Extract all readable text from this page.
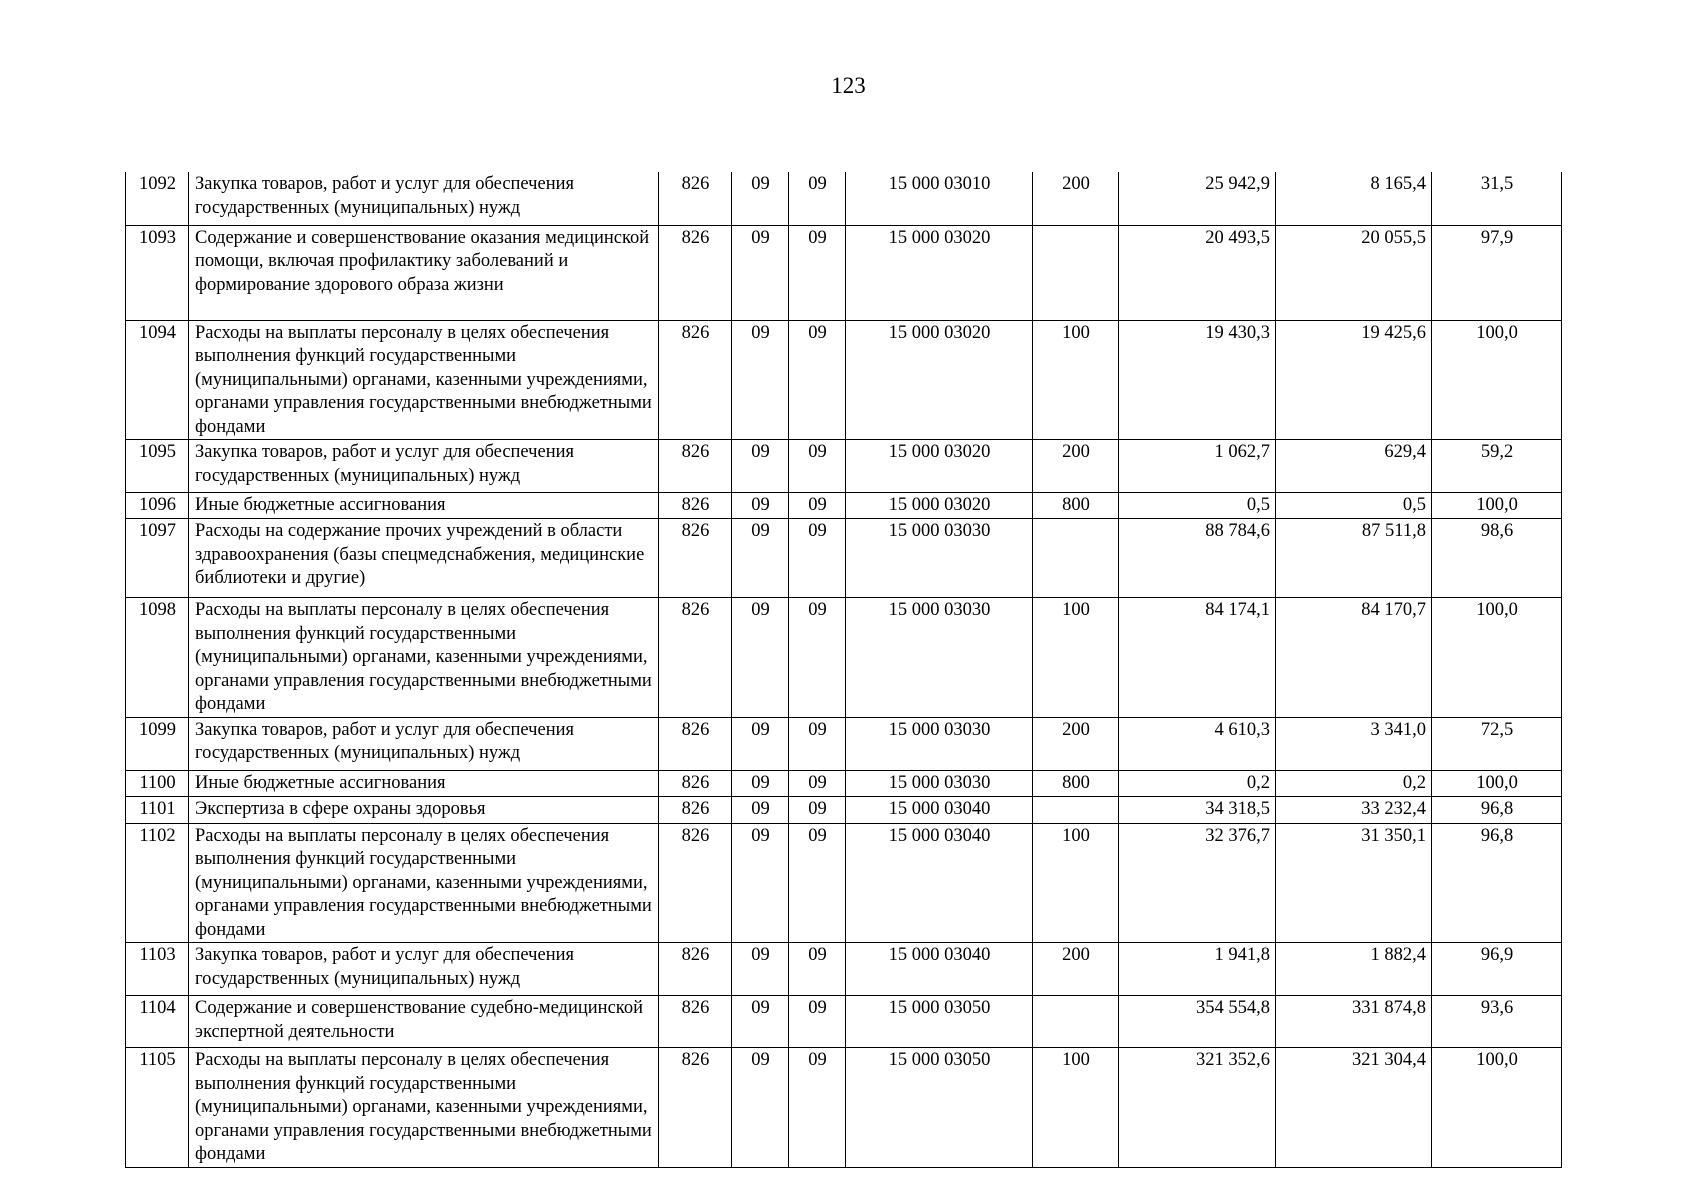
123
1092	Закупка товаров, работ и услуг для обеспечения государственных (муниципальных) нужд	826	09	09	15 000 03010	200	25 942,9	8 165,4	31,5
1093	Содержание и совершенствование оказания медицинской помощи, включая профилактику заболеваний и формирование здорового образа жизни	826	09	09	15 000 03020		20 493,5	20 055,5	97,9
1094	Расходы на выплаты персоналу в целях обеспечения выполнения функций государственными (муниципальными) органами, казенными учреждениями, органами управления государственными внебюджетными фондами	826	09	09	15 000 03020	100	19 430,3	19 425,6	100,0
1095	Закупка товаров, работ и услуг для обеспечения государственных (муниципальных) нужд	826	09	09	15 000 03020	200	1 062,7	629,4	59,2
1096	Иные бюджетные ассигнования	826	09	09	15 000 03020	800	0,5	0,5	100,0
1097	Расходы на содержание прочих учреждений в области здравоохранения (базы спецмедснабжения, медицинские библиотеки и другие)	826	09	09	15 000 03030		88 784,6	87 511,8	98,6
1098	Расходы на выплаты персоналу в целях обеспечения выполнения функций государственными (муниципальными) органами, казенными учреждениями, органами управления государственными внебюджетными фондами	826	09	09	15 000 03030	100	84 174,1	84 170,7	100,0
1099	Закупка товаров, работ и услуг для обеспечения государственных (муниципальных) нужд	826	09	09	15 000 03030	200	4 610,3	3 341,0	72,5
1100	Иные бюджетные ассигнования	826	09	09	15 000 03030	800	0,2	0,2	100,0
1101	Экспертиза в сфере охраны здоровья	826	09	09	15 000 03040		34 318,5	33 232,4	96,8
1102	Расходы на выплаты персоналу в целях обеспечения выполнения функций государственными (муниципальными) органами, казенными учреждениями, органами управления государственными внебюджетными фондами	826	09	09	15 000 03040	100	32 376,7	31 350,1	96,8
1103	Закупка товаров, работ и услуг для обеспечения государственных (муниципальных) нужд	826	09	09	15 000 03040	200	1 941,8	1 882,4	96,9
1104	Содержание и совершенствование судебно-медицинской экспертной деятельности	826	09	09	15 000 03050		354 554,8	331 874,8	93,6
1105	Расходы на выплаты персоналу в целях обеспечения выполнения функций государственными (муниципальными) органами, казенными учреждениями, органами управления государственными внебюджетными фондами	826	09	09	15 000 03050	100	321 352,6	321 304,4	100,0
